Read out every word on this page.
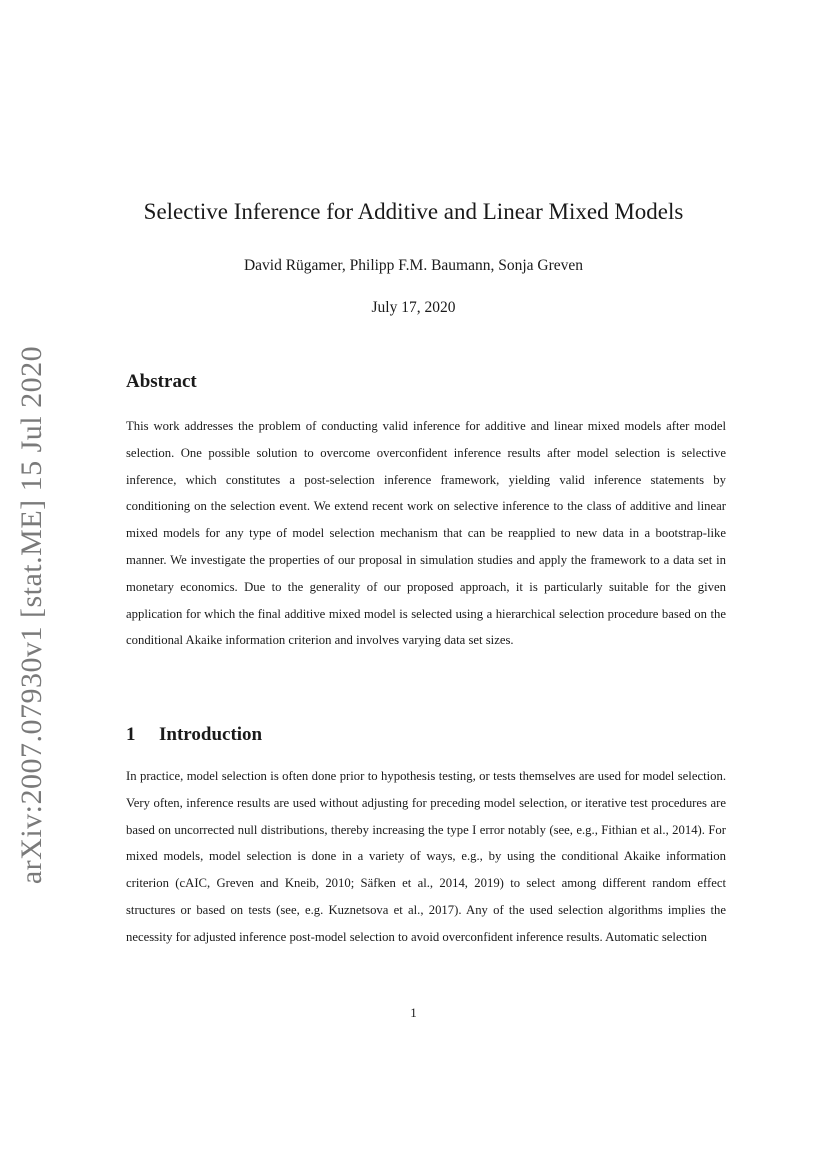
arXiv:2007.07930v1 [stat.ME] 15 Jul 2020
Selective Inference for Additive and Linear Mixed Models
David Rügamer, Philipp F.M. Baumann, Sonja Greven
July 17, 2020
Abstract

This work addresses the problem of conducting valid inference for additive and linear mixed models after model selection. One possible solution to overcome overconfident inference results after model selection is selective inference, which constitutes a post-selection inference framework, yielding valid inference statements by conditioning on the selection event. We extend recent work on selective inference to the class of additive and linear mixed models for any type of model selection mechanism that can be reapplied to new data in a bootstrap-like manner. We investigate the properties of our proposal in simulation studies and apply the framework to a data set in monetary economics. Due to the generality of our proposed approach, it is particularly suitable for the given application for which the final additive mixed model is selected using a hierarchical selection procedure based on the conditional Akaike information criterion and involves varying data set sizes.

1 Introduction

In practice, model selection is often done prior to hypothesis testing, or tests themselves are used for model selection. Very often, inference results are used without adjusting for preceding model selection, or iterative test procedures are based on uncorrected null distributions, thereby increasing the type I error notably (see, e.g., Fithian et al., 2014). For mixed models, model selection is done in a variety of ways, e.g., by using the conditional Akaike information criterion (cAIC, Greven and Kneib, 2010; Säfken et al., 2014, 2019) to select among different random effect structures or based on tests (see, e.g. Kuznetsova et al., 2017). Any of the used selection algorithms implies the necessity for adjusted inference post-model selection to avoid overconfident inference results. Automatic selection

1
